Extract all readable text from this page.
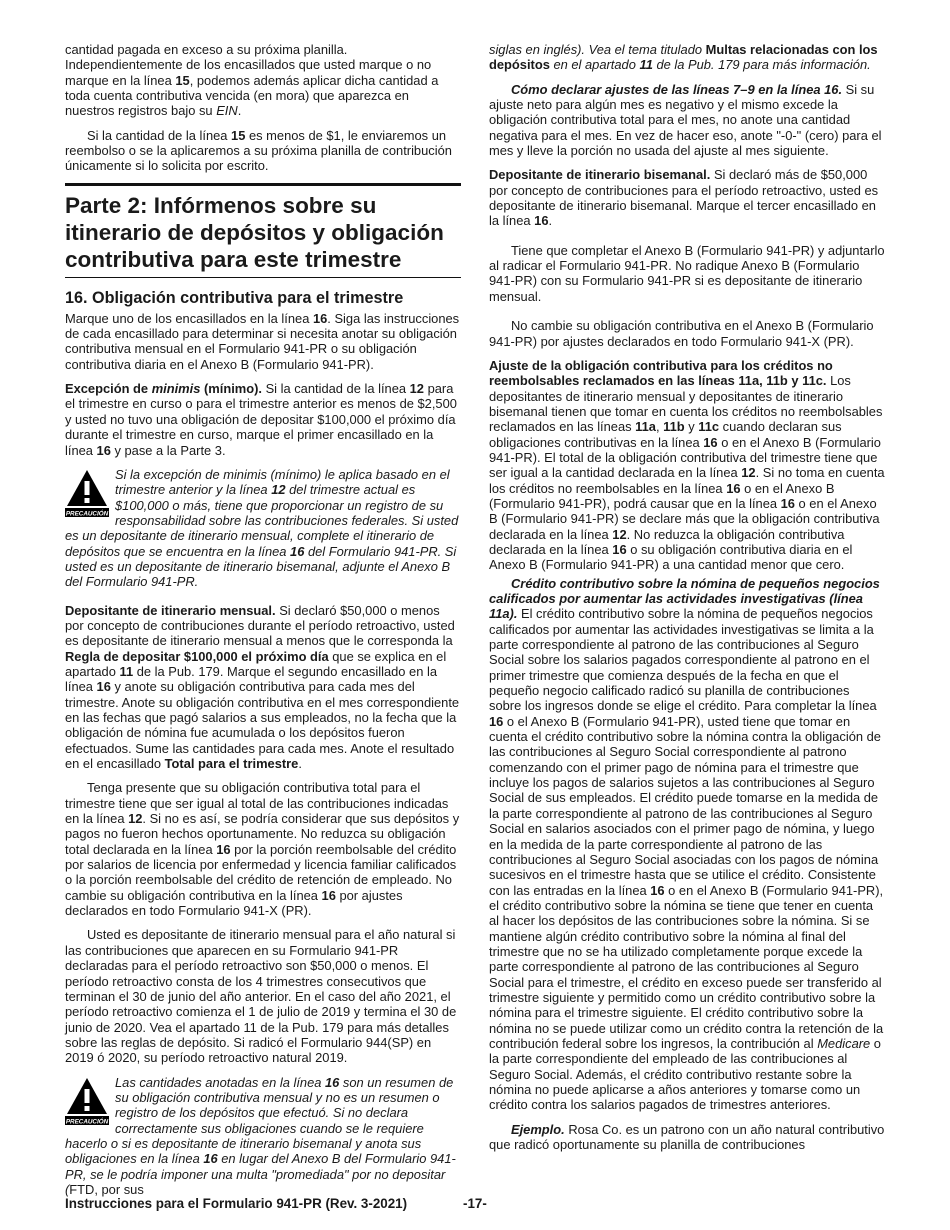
cantidad pagada en exceso a su próxima planilla. Independientemente de los encasillados que usted marque o no marque en la línea 15, podemos además aplicar dicha cantidad a toda cuenta contributiva vencida (en mora) que aparezca en nuestros registros bajo su EIN.

Si la cantidad de la línea 15 es menos de $1, le enviaremos un reembolso o se la aplicaremos a su próxima planilla de contribución únicamente si lo solicita por escrito.

Parte 2: Infórmenos sobre su itinerario de depósitos y obligación contributiva para este trimestre
16. Obligación contributiva para el trimestre

Marque uno de los encasillados en la línea 16. Siga las instrucciones de cada encasillado para determinar si necesita anotar su obligación contributiva mensual en el Formulario 941-PR o su obligación contributiva diaria en el Anexo B (Formulario 941-PR).

Excepción de minimis (mínimo). Si la cantidad de la línea 12 para el trimestre en curso o para el trimestre anterior es menos de $2,500 y usted no tuvo una obligación de depositar $100,000 el próximo día durante el trimestre en curso, marque el primer encasillado en la línea 16 y pase a la Parte 3.

PRECAUCIÓN
Si la excepción de minimis (mínimo) le aplica basado en el trimestre anterior y la línea 12 del trimestre actual es $100,000 o más, tiene que proporcionar un registro de su responsabilidad sobre las contribuciones federales. Si usted es un depositante de itinerario mensual, complete el itinerario de depósitos que se encuentra en la línea 16 del Formulario 941-PR. Si usted es un depositante de itinerario bisemanal, adjunte el Anexo B del Formulario 941-PR.

Depositante de itinerario mensual. Si declaró $50,000 o menos por concepto de contribuciones durante el período retroactivo, usted es depositante de itinerario mensual a menos que le corresponda la Regla de depositar $100,000 el próximo día que se explica en el apartado 11 de la Pub. 179. Marque el segundo encasillado en la línea 16 y anote su obligación contributiva para cada mes del trimestre. Anote su obligación contributiva en el mes correspondiente en las fechas que pagó salarios a sus empleados, no la fecha que la obligación de nómina fue acumulada o los depósitos fueron efectuados. Sume las cantidades para cada mes. Anote el resultado en el encasillado Total para el trimestre.

Tenga presente que su obligación contributiva total para el trimestre tiene que ser igual al total de las contribuciones indicadas en la línea 12. Si no es así, se podría considerar que sus depósitos y pagos no fueron hechos oportunamente. No reduzca su obligación total declarada en la línea 16 por la porción reembolsable del crédito por salarios de licencia por enfermedad y licencia familiar calificados o la porción reembolsable del crédito de retención de empleado. No cambie su obligación contributiva en la línea 16 por ajustes declarados en todo Formulario 941-X (PR).

Usted es depositante de itinerario mensual para el año natural si las contribuciones que aparecen en su Formulario 941-PR declaradas para el período retroactivo son $50,000 o menos. El período retroactivo consta de los 4 trimestres consecutivos que terminan el 30 de junio del año anterior. En el caso del año 2021, el período retroactivo comienza el 1 de julio de 2019 y termina el 30 de junio de 2020. Vea el apartado 11 de la Pub. 179 para más detalles sobre las reglas de depósito. Si radicó el Formulario 944(SP) en 2019 ó 2020, su período retroactivo natural 2019.

PRECAUCIÓN
Las cantidades anotadas en la línea 16 son un resumen de su obligación contributiva mensual y no es un resumen o registro de los depósitos que efectuó. Si no declara correctamente sus obligaciones cuando se le requiere hacerlo o si es depositante de itinerario bisemanal y anota sus obligaciones en la línea 16 en lugar del Anexo B del Formulario 941-PR, se le podría imponer una multa "promediada" por no depositar (FTD, por sus

siglas en inglés). Vea el tema titulado Multas relacionadas con los depósitos en el apartado 11 de la Pub. 179 para más información.

Cómo declarar ajustes de las líneas 7–9 en la línea 16. Si su ajuste neto para algún mes es negativo y el mismo excede la obligación contributiva total para el mes, no anote una cantidad negativa para el mes. En vez de hacer eso, anote "-0-" (cero) para el mes y lleve la porción no usada del ajuste al mes siguiente.

Depositante de itinerario bisemanal. Si declaró más de $50,000 por concepto de contribuciones para el período retroactivo, usted es depositante de itinerario bisemanal. Marque el tercer encasillado en la línea 16.

Tiene que completar el Anexo B (Formulario 941-PR) y adjuntarlo al radicar el Formulario 941-PR. No radique Anexo B (Formulario 941-PR) con su Formulario 941-PR si es depositante de itinerario mensual.

No cambie su obligación contributiva en el Anexo B (Formulario 941-PR) por ajustes declarados en todo Formulario 941-X (PR).

Ajuste de la obligación contributiva para los créditos no reembolsables reclamados en las líneas 11a, 11b y 11c. Los depositantes de itinerario mensual y depositantes de itinerario bisemanal tienen que tomar en cuenta los créditos no reembolsables reclamados en las líneas 11a, 11b y 11c cuando declaran sus obligaciones contributivas en la línea 16 o en el Anexo B (Formulario 941-PR). El total de la obligación contributiva del trimestre tiene que ser igual a la cantidad declarada en la línea 12. Si no toma en cuenta los créditos no reembolsables en la línea 16 o en el Anexo B (Formulario 941-PR), podrá causar que en la línea 16 o en el Anexo B (Formulario 941-PR) se declare más que la obligación contributiva declarada en la línea 12. No reduzca la obligación contributiva declarada en la línea 16 o su obligación contributiva diaria en el Anexo B (Formulario 941-PR) a una cantidad menor que cero.

Crédito contributivo sobre la nómina de pequeños negocios calificados por aumentar las actividades investigativas (línea 11a). El crédito contributivo sobre la nómina de pequeños negocios calificados por aumentar las actividades investigativas se limita a la parte correspondiente al patrono de las contribuciones al Seguro Social sobre los salarios pagados correspondiente al patrono en el primer trimestre que comienza después de la fecha en que el pequeño negocio calificado radicó su planilla de contribuciones sobre los ingresos donde se elige el crédito. Para completar la línea 16 o el Anexo B (Formulario 941-PR), usted tiene que tomar en cuenta el crédito contributivo sobre la nómina contra la obligación de las contribuciones al Seguro Social correspondiente al patrono comenzando con el primer pago de nómina para el trimestre que incluye los pagos de salarios sujetos a las contribuciones al Seguro Social de sus empleados. El crédito puede tomarse en la medida de la parte correspondiente al patrono de las contribuciones al Seguro Social en salarios asociados con el primer pago de nómina, y luego en la medida de la parte correspondiente al patrono de las contribuciones al Seguro Social asociadas con los pagos de nómina sucesivos en el trimestre hasta que se utilice el crédito. Consistente con las entradas en la línea 16 o en el Anexo B (Formulario 941-PR), el crédito contributivo sobre la nómina se tiene que tener en cuenta al hacer los depósitos de las contribuciones sobre la nómina. Si se mantiene algún crédito contributivo sobre la nómina al final del trimestre que no se ha utilizado completamente porque excede la parte correspondiente al patrono de las contribuciones al Seguro Social para el trimestre, el crédito en exceso puede ser transferido al trimestre siguiente y permitido como un crédito contributivo sobre la nómina para el trimestre siguiente. El crédito contributivo sobre la nómina no se puede utilizar como un crédito contra la retención de la contribución federal sobre los ingresos, la contribución al Medicare o la parte correspondiente del empleado de las contribuciones al Seguro Social. Además, el crédito contributivo restante sobre la nómina no puede aplicarse a años anteriores y tomarse como un crédito contra los salarios pagados de trimestres anteriores.

Ejemplo. Rosa Co. es un patrono con un año natural contributivo que radicó oportunamente su planilla de contribuciones

Instrucciones para el Formulario 941-PR (Rev. 3-2021)	-17-
